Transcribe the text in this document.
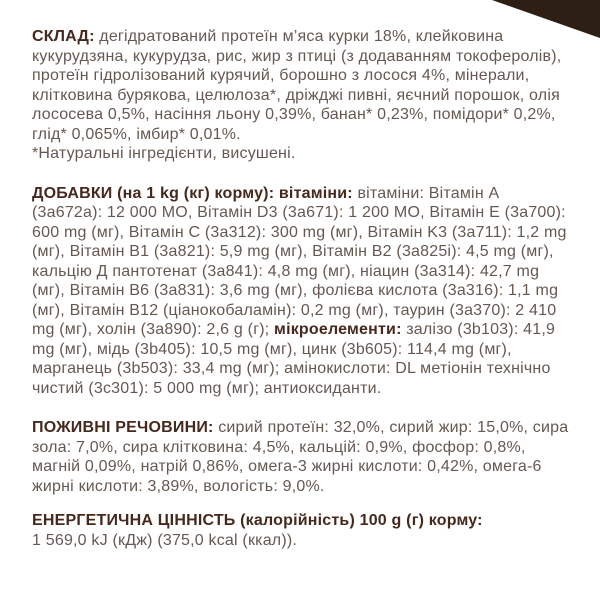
СКЛАД: дегідратований протеїн м’яса курки 18%, клейковина кукурудзяна, кукурудза, рис, жир з птиці (з додаванням токоферолів), протеїн гідролізований курячий, борошно з лосося 4%, мінерали, клітковина бурякова, целюлоза*, дріжджі пивні, яєчний порошок, олія лососева 0,5%, насіння льону 0,39%, банан* 0,23%, помідори* 0,2%, глід* 0,065%, імбир* 0,01%.

*Натуральні інгредієнти, висушені.

ДОБАВКИ (на 1 kg (кг) корму): вітаміни: вітаміни: Вітамін A (3a672a): 12 000 МО, Вітамін D3 (3a671): 1 200 МО, Вітамін E (3a700): 600 mg (мг), Вітамін C (3a312): 300 mg (мг), Вітамін K3 (3a711): 1,2 mg (мг), Вітамін B1 (3a821): 5,9 mg (мг), Вітамін B2 (3a825i): 4,5 mg (мг), кальцію Д пантотенат (3a841): 4,8 mg (мг), ніацин (3a314): 42,7 mg (мг), Вітамін B6 (3a831): 3,6 mg (мг), фолієва кислота (3a316): 1,1 mg (мг), Вітамін B12 (ціанокобаламін): 0,2 mg (мг), таурин (3a370): 2 410 mg (мг), холін (3a890): 2,6 g (г); мікроелементи: залізо (3b103): 41,9 mg (мг), мідь (3b405): 10,5 mg (мг), цинк (3b605): 114,4 mg (мг), марганець (3b503): 33,4 mg (мг); амінокислоти: DL метіонін технічно чистий (3c301): 5 000 mg (мг); антиоксиданти.

ПОЖИВНІ РЕЧОВИНИ: сирий протеїн: 32,0%, сирий жир: 15,0%, сира зола: 7,0%, сира клітковина: 4,5%, кальцій: 0,9%, фосфор: 0,8%, магній 0,09%, натрій 0,86%, омега-3 жирні кислоти: 0,42%, омега-6 жирні кислоти: 3,89%, вологість: 9,0%.

ЕНЕРГЕТИЧНА ЦІННІСТЬ (калорійність) 100 g (г) корму:

1 569,0 kJ (кДж) (375,0 kcal (ккал)).
